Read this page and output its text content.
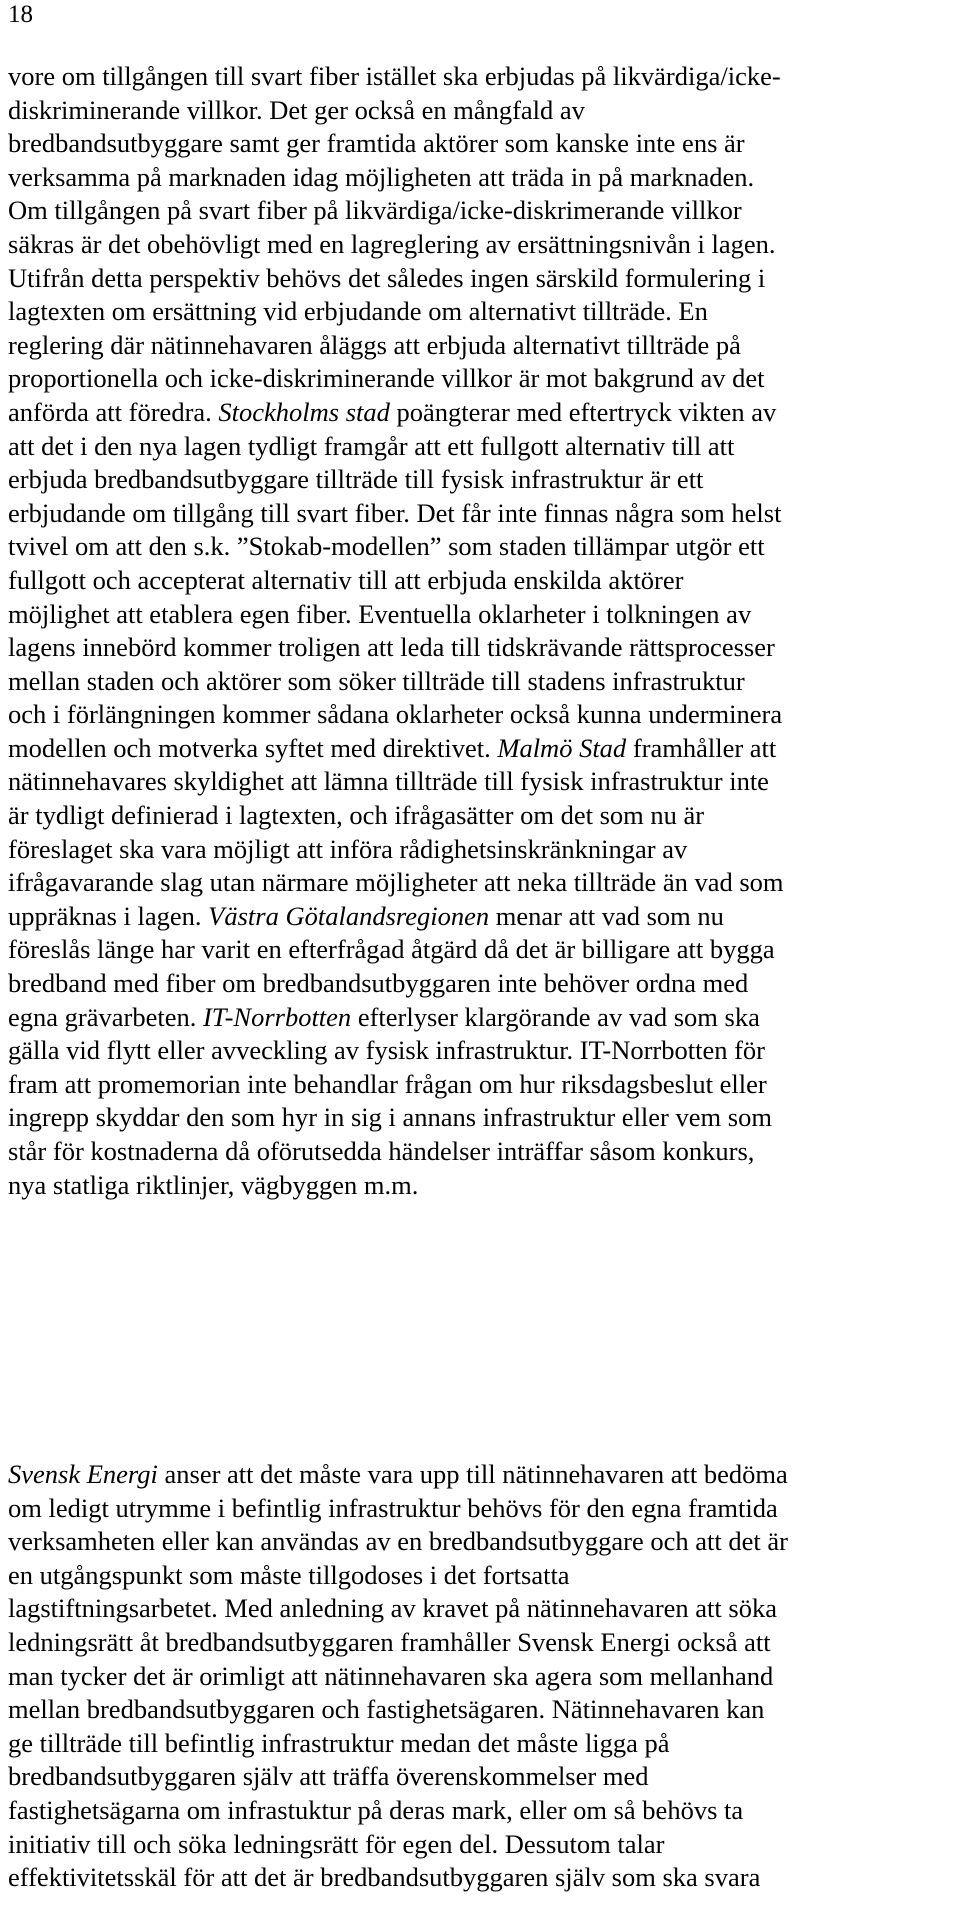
18
vore om tillgången till svart fiber istället ska erbjudas på likvärdiga/icke-
diskriminerande villkor. Det ger också en mångfald av
bredbandsutbyggare samt ger framtida aktörer som kanske inte ens är
verksamma på marknaden idag möjligheten att träda in på marknaden.
Om tillgången på svart fiber på likvärdiga/icke-diskrimerande villkor
säkras är det obehövligt med en lagreglering av ersättningsnivån i lagen.
Utifrån detta perspektiv behövs det således ingen särskild formulering i
lagtexten om ersättning vid erbjudande om alternativt tillträde. En
reglering där nätinnehavaren åläggs att erbjuda alternativt tillträde på
proportionella och icke-diskriminerande villkor är mot bakgrund av det
anförda att föredra. Stockholms stad poängterar med eftertryck vikten av
att det i den nya lagen tydligt framgår att ett fullgott alternativ till att
erbjuda bredbandsutbyggare tillträde till fysisk infrastruktur är ett
erbjudande om tillgång till svart fiber. Det får inte finnas några som helst
tvivel om att den s.k. ”Stokab-modellen” som staden tillämpar utgör ett
fullgott och accepterat alternativ till att erbjuda enskilda aktörer
möjlighet att etablera egen fiber. Eventuella oklarheter i tolkningen av
lagens innebörd kommer troligen att leda till tidskrävande rättsprocesser
mellan staden och aktörer som söker tillträde till stadens infrastruktur
och i förlängningen kommer sådana oklarheter också kunna underminera
modellen och motverka syftet med direktivet. Malmö Stad framhåller att
nätinnehavares skyldighet att lämna tillträde till fysisk infrastruktur inte
är tydligt definierad i lagtexten, och ifrågasätter om det som nu är
föreslaget ska vara möjligt att införa rådighetsinskränkningar av
ifrågavarande slag utan närmare möjligheter att neka tillträde än vad som
uppräknas i lagen. Västra Götalandsregionen menar att vad som nu
föreslås länge har varit en efterfrågad åtgärd då det är billigare att bygga
bredband med fiber om bredbandsutbyggaren inte behöver ordna med
egna grävarbeten. IT-Norrbotten efterlyser klargörande av vad som ska
gälla vid flytt eller avveckling av fysisk infrastruktur. IT-Norrbotten för
fram att promemorian inte behandlar frågan om hur riksdagsbeslut eller
ingrepp skyddar den som hyr in sig i annans infrastruktur eller vem som
står för kostnaderna då oförutsedda händelser inträffar såsom konkurs,
nya statliga riktlinjer, vägbyggen m.m.
Svensk Energi anser att det måste vara upp till nätinnehavaren att bedöma
om ledigt utrymme i befintlig infrastruktur behövs för den egna framtida
verksamheten eller kan användas av en bredbandsutbyggare och att det är
en utgångspunkt som måste tillgodoses i det fortsatta
lagstiftningsarbetet. Med anledning av kravet på nätinnehavaren att söka
ledningsrätt åt bredbandsutbyggaren framhåller Svensk Energi också att
man tycker det är orimligt att nätinnehavaren ska agera som mellanhand
mellan bredbandsutbyggaren och fastighetsägaren. Nätinnehavaren kan
ge tillträde till befintlig infrastruktur medan det måste ligga på
bredbandsutbyggaren själv att träffa överenskommelser med
fastighetsägarna om infrastuktur på deras mark, eller om så behövs ta
initiativ till och söka ledningsrätt för egen del. Dessutom talar
effektivitetsskäl för att det är bredbandsutbyggaren själv som ska svara
